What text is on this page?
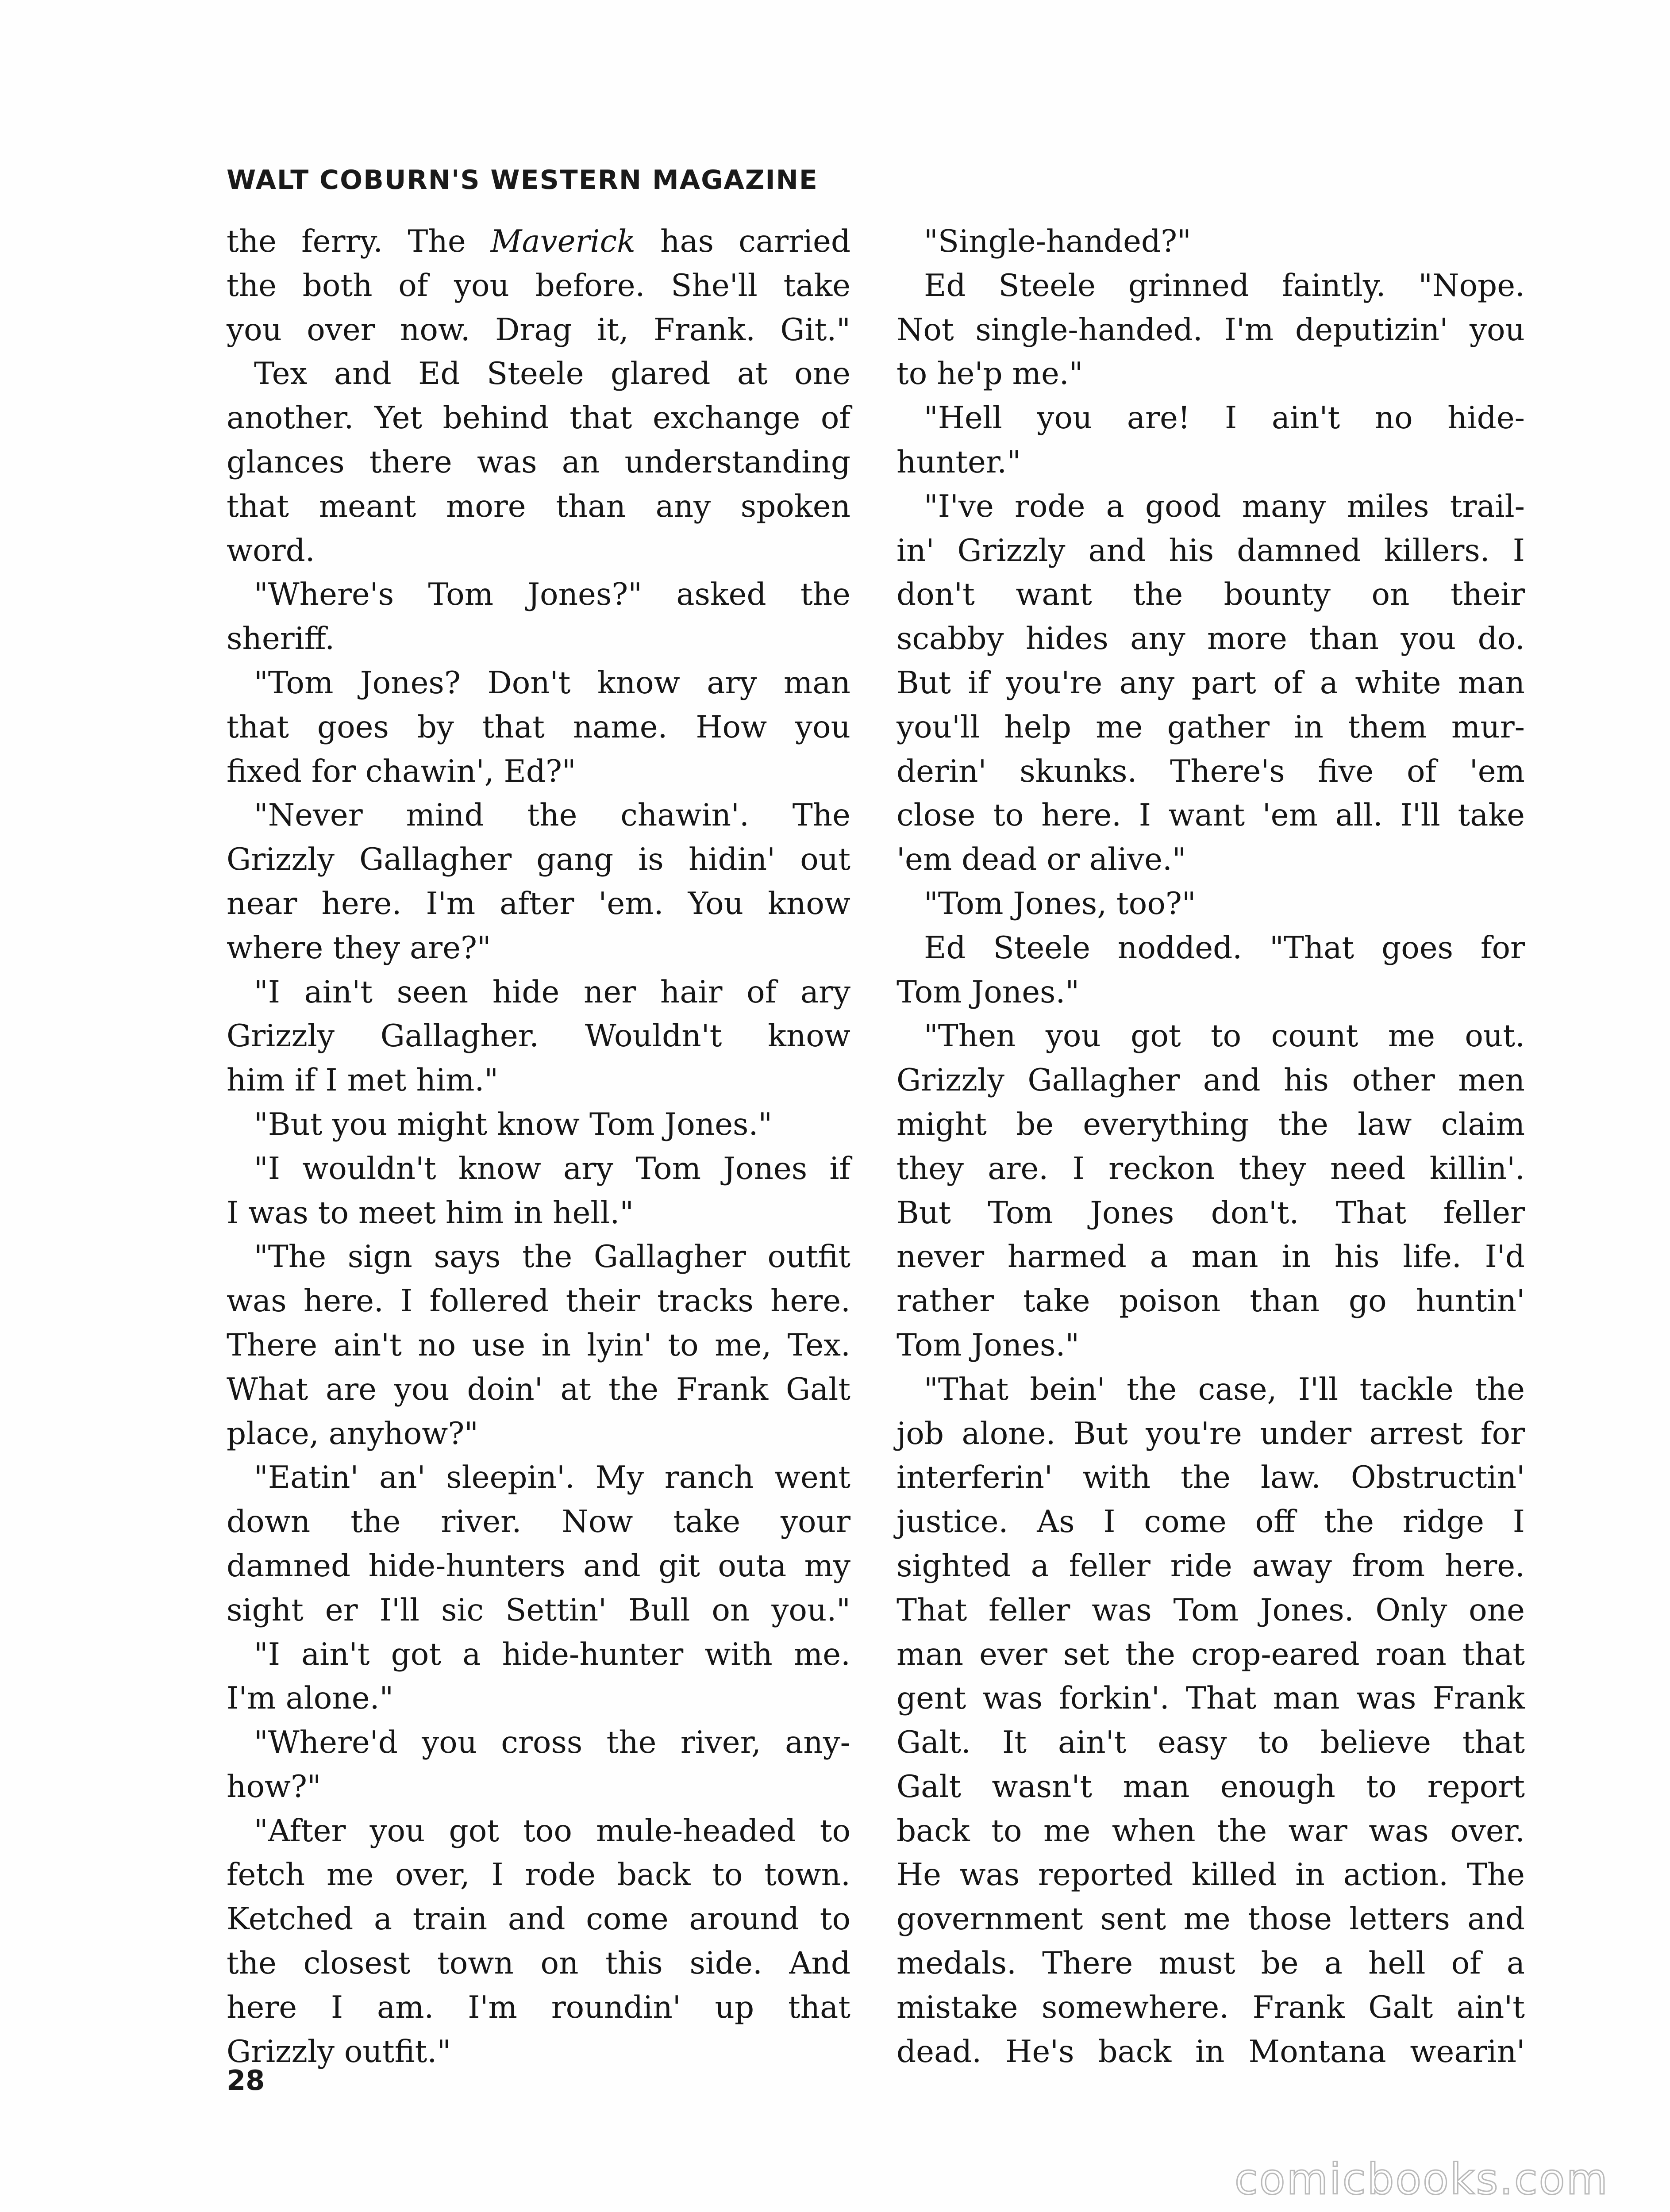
WALT COBURN'S WESTERN MAGAZINE
the ferry. The Maverick has carried
the both of you before. She'll take
you over now. Drag it, Frank. Git."
Tex and Ed Steele glared at one
another. Yet behind that exchange of
glances there was an understanding
that meant more than any spoken
word.
"Where's Tom Jones?" asked the
sheriff.
"Tom Jones? Don't know ary man
that goes by that name. How you
fixed for chawin', Ed?"
"Never mind the chawin'. The
Grizzly Gallagher gang is hidin' out
near here. I'm after 'em. You know
where they are?"
"I ain't seen hide ner hair of ary
Grizzly Gallagher. Wouldn't know
him if I met him."
"But you might know Tom Jones."
"I wouldn't know ary Tom Jones if
I was to meet him in hell."
"The sign says the Gallagher outfit
was here. I follered their tracks here.
There ain't no use in lyin' to me, Tex.
What are you doin' at the Frank Galt
place, anyhow?"
"Eatin' an' sleepin'. My ranch went
down the river. Now take your
damned hide-hunters and git outa my
sight er I'll sic Settin' Bull on you."
"I ain't got a hide-hunter with me.
I'm alone."
"Where'd you cross the river, any-
how?"
"After you got too mule-headed to
fetch me over, I rode back to town.
Ketched a train and come around to
the closest town on this side. And
here I am. I'm roundin' up that
Grizzly outfit."
"Single-handed?"
Ed Steele grinned faintly. "Nope.
Not single-handed. I'm deputizin' you
to he'p me."
"Hell you are! I ain't no hide-
hunter."
"I've rode a good many miles trail-
in' Grizzly and his damned killers. I
don't want the bounty on their
scabby hides any more than you do.
But if you're any part of a white man
you'll help me gather in them mur-
derin' skunks. There's five of 'em
close to here. I want 'em all. I'll take
'em dead or alive."
"Tom Jones, too?"
Ed Steele nodded. "That goes for
Tom Jones."
"Then you got to count me out.
Grizzly Gallagher and his other men
might be everything the law claim
they are. I reckon they need killin'.
But Tom Jones don't. That feller
never harmed a man in his life. I'd
rather take poison than go huntin'
Tom Jones."
"That bein' the case, I'll tackle the
job alone. But you're under arrest for
interferin' with the law. Obstructin'
justice. As I come off the ridge I
sighted a feller ride away from here.
That feller was Tom Jones. Only one
man ever set the crop-eared roan that
gent was forkin'. That man was Frank
Galt. It ain't easy to believe that
Galt wasn't man enough to report
back to me when the war was over.
He was reported killed in action. The
government sent me those letters and
medals. There must be a hell of a
mistake somewhere. Frank Galt ain't
dead. He's back in Montana wearin'
28
comicbooks.com
